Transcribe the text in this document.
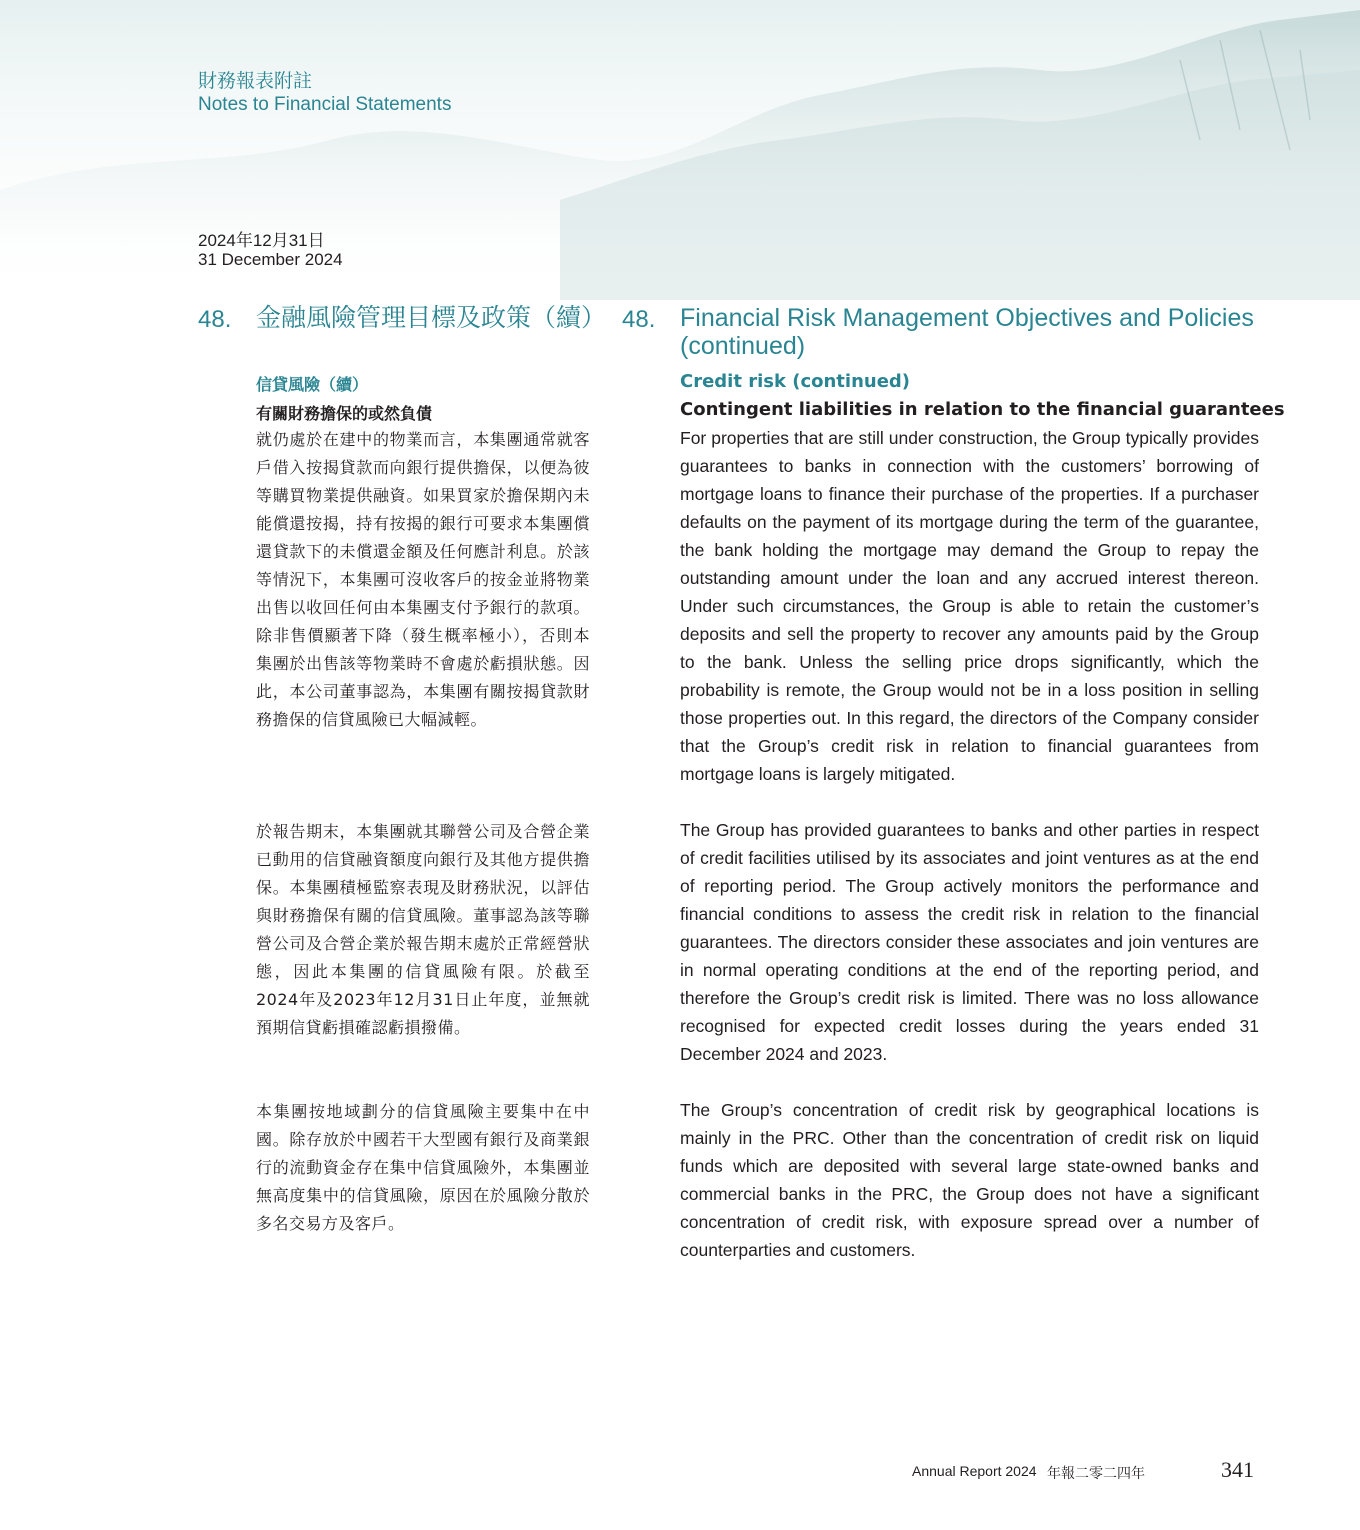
財務報表附註
Notes to Financial Statements
2024年12月31日
31 December 2024
48. 金融風險管理目標及政策（續） 48. Financial Risk Management Objectives and Policies
(continued)
信貸風險（續）
有關財務擔保的或然負債

就仍處於在建中的物業而言，本集團通常就客戶借入按揭貸款而向銀行提供擔保，以便為彼等購買物業提供融資。如果買家於擔保期內未能償還按揭，持有按揭的銀行可要求本集團償還貸款下的未償還金額及任何應計利息。於該等情況下，本集團可沒收客戶的按金並將物業出售以收回任何由本集團支付予銀行的款項。除非售價顯著下降（發生概率極小），否則本集團於出售該等物業時不會處於虧損狀態。因此，本公司董事認為，本集團有關按揭貸款財務擔保的信貸風險已大幅減輕。

於報告期末，本集團就其聯營公司及合營企業已動用的信貸融資額度向銀行及其他方提供擔保。本集團積極監察表現及財務狀況，以評估與財務擔保有關的信貸風險。董事認為該等聯營公司及合營企業於報告期末處於正常經營狀態，因此本集團的信貸風險有限。於截至2024年及2023年12月31日止年度，並無就預期信貸虧損確認虧損撥備。

本集團按地域劃分的信貸風險主要集中在中國。除存放於中國若干大型國有銀行及商業銀行的流動資金存在集中信貸風險外，本集團並無高度集中的信貸風險，原因在於風險分散於多名交易方及客戶。

Credit risk (continued)
Contingent liabilities in relation to the financial guarantees

For properties that are still under construction, the Group typically provides guarantees to banks in connection with the customers’ borrowing of mortgage loans to finance their purchase of the properties. If a purchaser defaults on the payment of its mortgage during the term of the guarantee, the bank holding the mortgage may demand the Group to repay the outstanding amount under the loan and any accrued interest thereon. Under such circumstances, the Group is able to retain the customer’s deposits and sell the property to recover any amounts paid by the Group to the bank. Unless the selling price drops significantly, which the probability is remote, the Group would not be in a loss position in selling those properties out. In this regard, the directors of the Company consider that the Group’s credit risk in relation to financial guarantees from mortgage loans is largely mitigated.

The Group has provided guarantees to banks and other parties in respect of credit facilities utilised by its associates and joint ventures as at the end of reporting period. The Group actively monitors the performance and financial conditions to assess the credit risk in relation to the financial guarantees. The directors consider these associates and join ventures are in normal operating conditions at the end of the reporting period, and therefore the Group’s credit risk is limited. There was no loss allowance recognised for expected credit losses during the years ended 31 December 2024 and 2023.

The Group’s concentration of credit risk by geographical locations is mainly in the PRC. Other than the concentration of credit risk on liquid funds which are deposited with several large state-owned banks and commercial banks in the PRC, the Group does not have a significant concentration of credit risk, with exposure spread over a number of counterparties and customers.

Annual Report 2024 年報二零二四年	341
